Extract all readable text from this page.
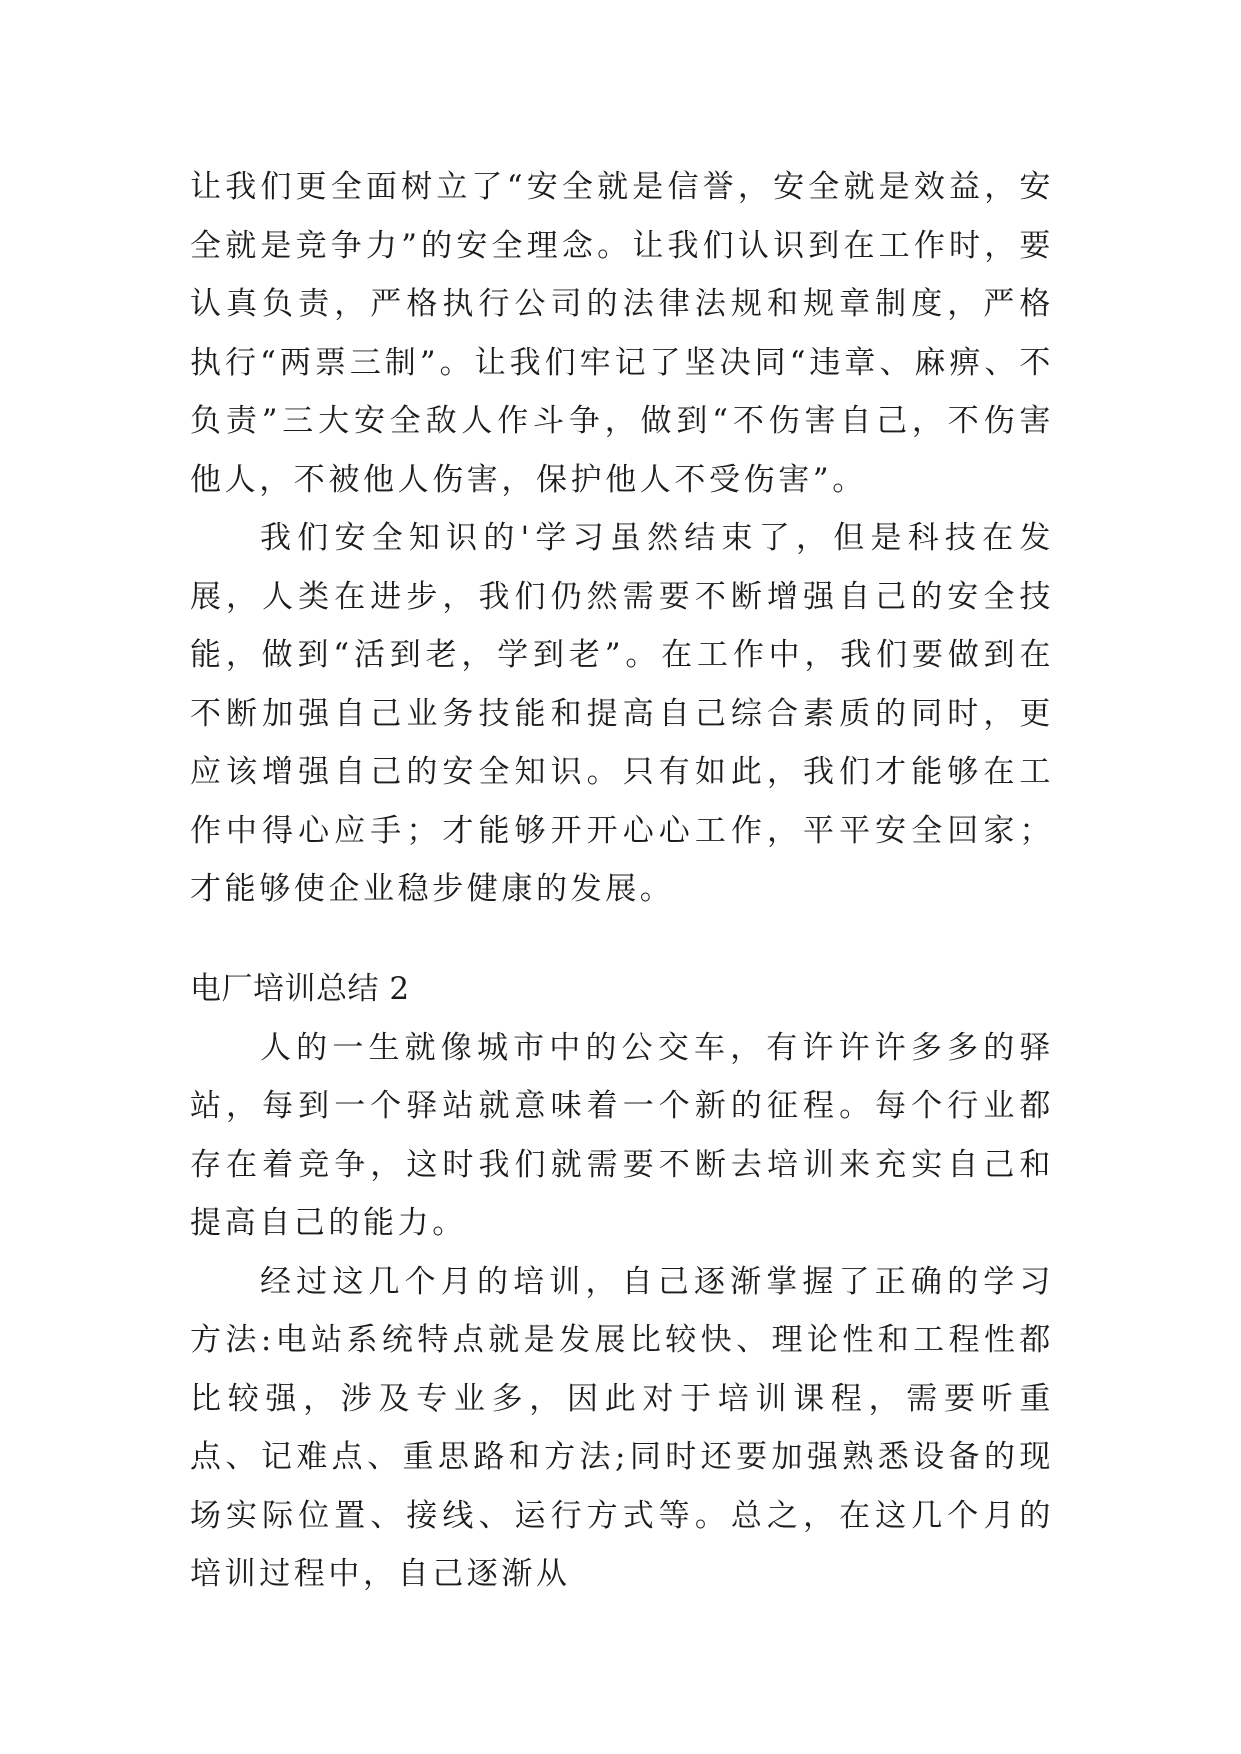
让我们更全面树立了“安全就是信誉，安全就是效益，安全就是竞争力”的安全理念。让我们认识到在工作时，要认真负责，严格执行公司的法律法规和规章制度，严格执行“两票三制”。让我们牢记了坚决同“违章、麻痹、不负责”三大安全敌人作斗争，做到“不伤害自己，不伤害他人，不被他人伤害，保护他人不受伤害”。

我们安全知识的'学习虽然结束了，但是科技在发展，人类在进步，我们仍然需要不断增强自己的安全技能，做到“活到老，学到老”。在工作中，我们要做到在不断加强自己业务技能和提高自己综合素质的同时，更应该增强自己的安全知识。只有如此，我们才能够在工作中得心应手；才能够开开心心工作，平平安全回家；才能够使企业稳步健康的发展。

电厂培训总结 2

人的一生就像城市中的公交车，有许许许多多的驿站，每到一个驿站就意味着一个新的征程。每个行业都存在着竞争，这时我们就需要不断去培训来充实自己和提高自己的能力。

经过这几个月的培训，自己逐渐掌握了正确的学习方法:电站系统特点就是发展比较快、理论性和工程性都比较强，涉及专业多，因此对于培训课程，需要听重点、记难点、重思路和方法;同时还要加强熟悉设备的现场实际位置、接线、运行方式等。总之，在这几个月的培训过程中，自己逐渐从
